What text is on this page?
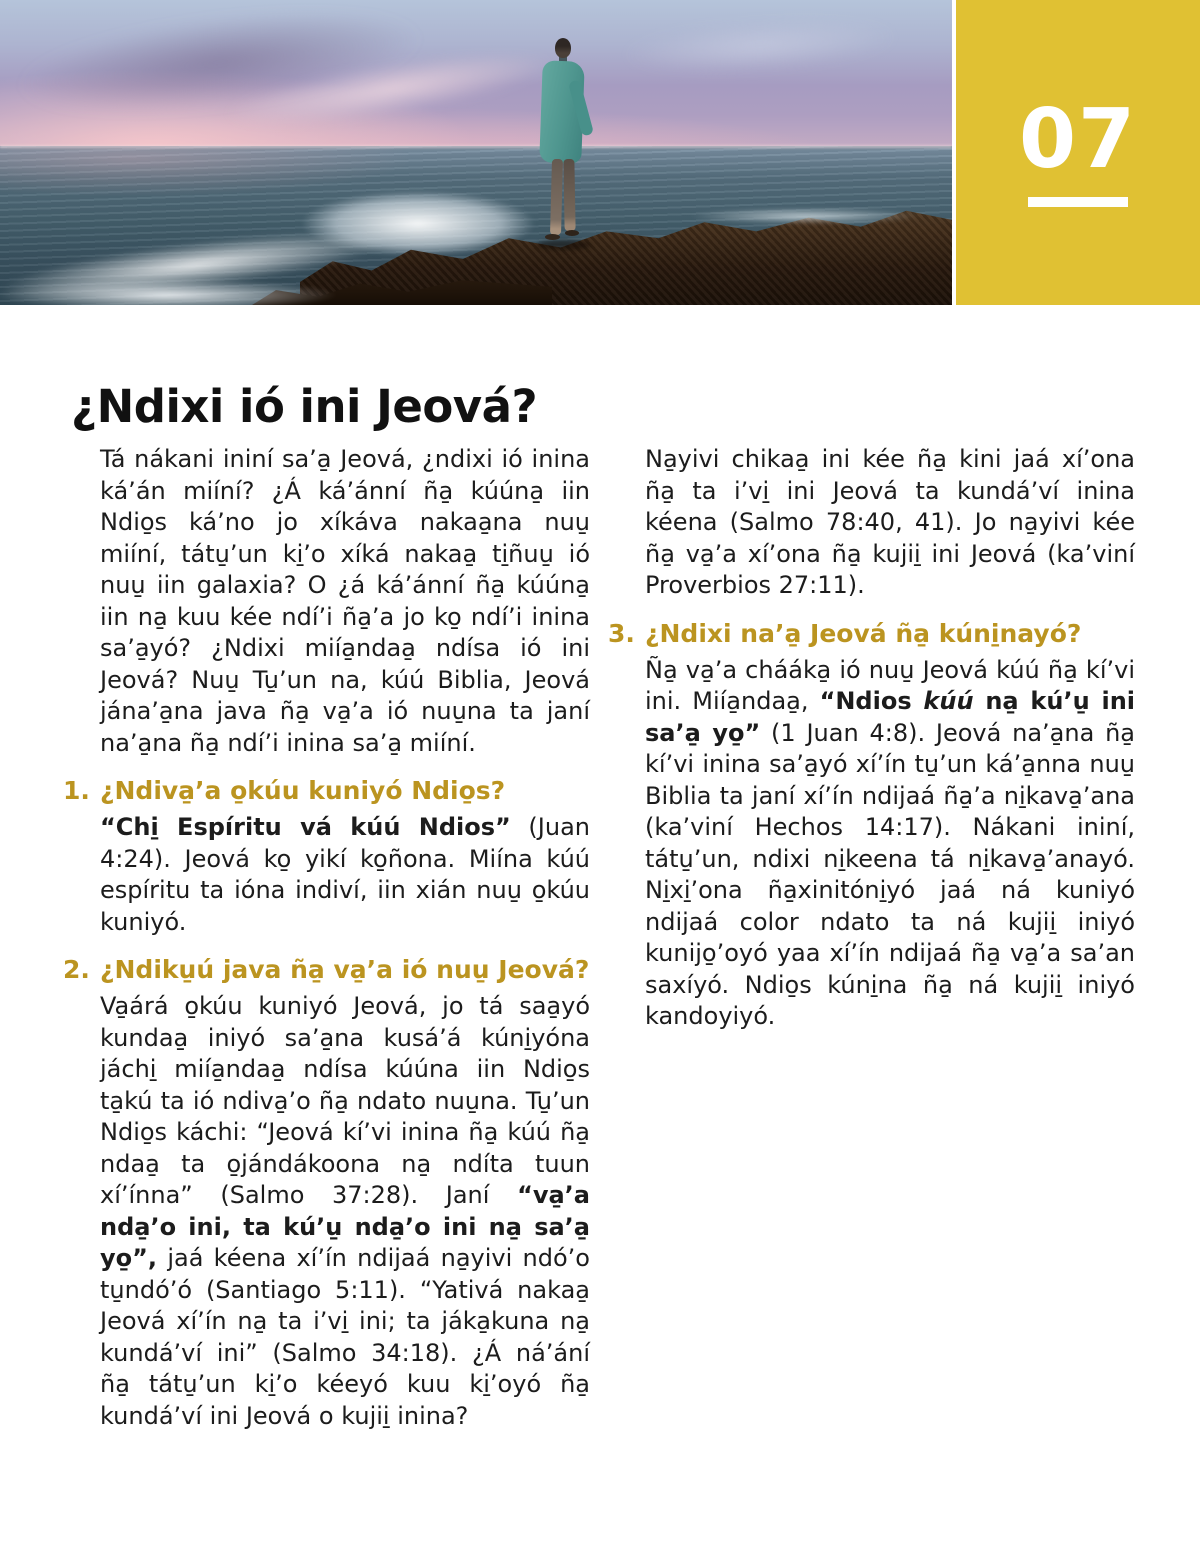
07
¿Ndixi ió ini Jeová?

Tá nákani ininí sa’a̱ Jeová, ¿ndixi ió inina ká’án miíní? ¿Á ká’ánní ña̱ kúúna̱ iin Ndio̱s ká’no jo xíkáva nakaa̱na nuu̱ miíní, tátu̱’un ki̱’o xíká nakaa̱ ti̱ñuu̱ ió nuu̱ iin galaxia? O ¿á ká’ánní ña̱ kúúna̱ iin na̱ kuu kée ndí’i ña̱’a jo ko̱ ndí’i inina sa’a̱yó? ¿Ndixi miía̱ndaa̱ ndísa ió ini Jeová? Nuu̱ Tu̱’un na, kúú Biblia, Jeová jána’a̱na java ña̱ va̱’a ió nuu̱na ta janí na’a̱na ña̱ ndí’i inina sa’a̱ miíní.

1. ¿Ndiva̱’a o̱kúu kuniyó Ndio̱s?

“Chi̱ Espíritu vá kúú Ndios” (Juan 4:24). Jeová ko̱ yikí ko̱ñona. Miína kúú espíritu ta ióna indiví, iin xián nuu̱ o̱kúu kuniyó.

2. ¿Ndiku̱ú java ña̱ va̱’a ió nuu̱ Jeová?

Va̱árá o̱kúu kuniyó Jeová, jo tá saa̱yó kundaa̱ iniyó sa’a̱na kusá’á kúni̱yóna jáchi̱ miía̱ndaa̱ ndísa kúúna iin Ndio̱s ta̱kú ta ió ndiva̱’o ña̱ ndato nuu̱na. Tu̱’un Ndio̱s káchi: “Jeová kí’vi inina ña̱ kúú ña̱ ndaa̱ ta o̱jándákoona na̱ ndíta tuun xí’ínna” (Salmo 37:28). Janí “va̱’a nda̱’o ini, ta kú’u̱ nda̱’o ini na̱ sa’a̱ yo̱”, jaá kéena xí’ín ndijaá na̱yivi ndó’o tu̱ndó’ó (Santiago 5:11). “Yativá nakaa̱ Jeová xí’ín na̱ ta i’vi̱ ini; ta jáka̱kuna na̱ kundá’ví ini” (Salmo 34:18). ¿Á ná’ání ña̱ tátu̱’un ki̱’o kéeyó kuu ki̱’oyó ña̱ kundá’ví ini Jeová o kujii̱ inina?

Na̱yivi chikaa̱ ini kée ña̱ kini jaá xí’ona ña̱ ta i’vi̱ ini Jeová ta kundá’ví inina kéena (Salmo 78:40, 41). Jo na̱yivi kée ña̱ va̱’a xí’ona ña̱ kujii̱ ini Jeová (ka’viní Proverbios 27:11).

3. ¿Ndixi na’a̱ Jeová ña̱ kúni̱nayó?

Ña̱ va̱’a chááka̱ ió nuu̱ Jeová kúú ña̱ kí’vi ini. Miía̱ndaa̱, “Ndios kúú na̱ kú’u̱ ini sa’a̱ yo̱” (1 Juan 4:8). Jeová na’a̱na ña̱ kí’vi inina sa’a̱yó xí’ín tu̱’un ká’a̱nna nuu̱ Biblia ta janí xí’ín ndijaá ña̱’a ni̱kava̱’ana (ka’viní Hechos 14:17). Nákani ininí, tátu̱’un, ndixi ni̱keena tá ni̱kava̱’anayó. Ni̱xi̱’ona ña̱xinitóni̱yó jaá ná kuniyó ndijaá color ndato ta ná kujii̱ iniyó kunijo̱’oyó yaa xí’ín ndijaá ña̱ va̱’a sa’an saxíyó. Ndio̱s kúni̱na ña̱ ná kujii̱ iniyó kandoyiyó.
